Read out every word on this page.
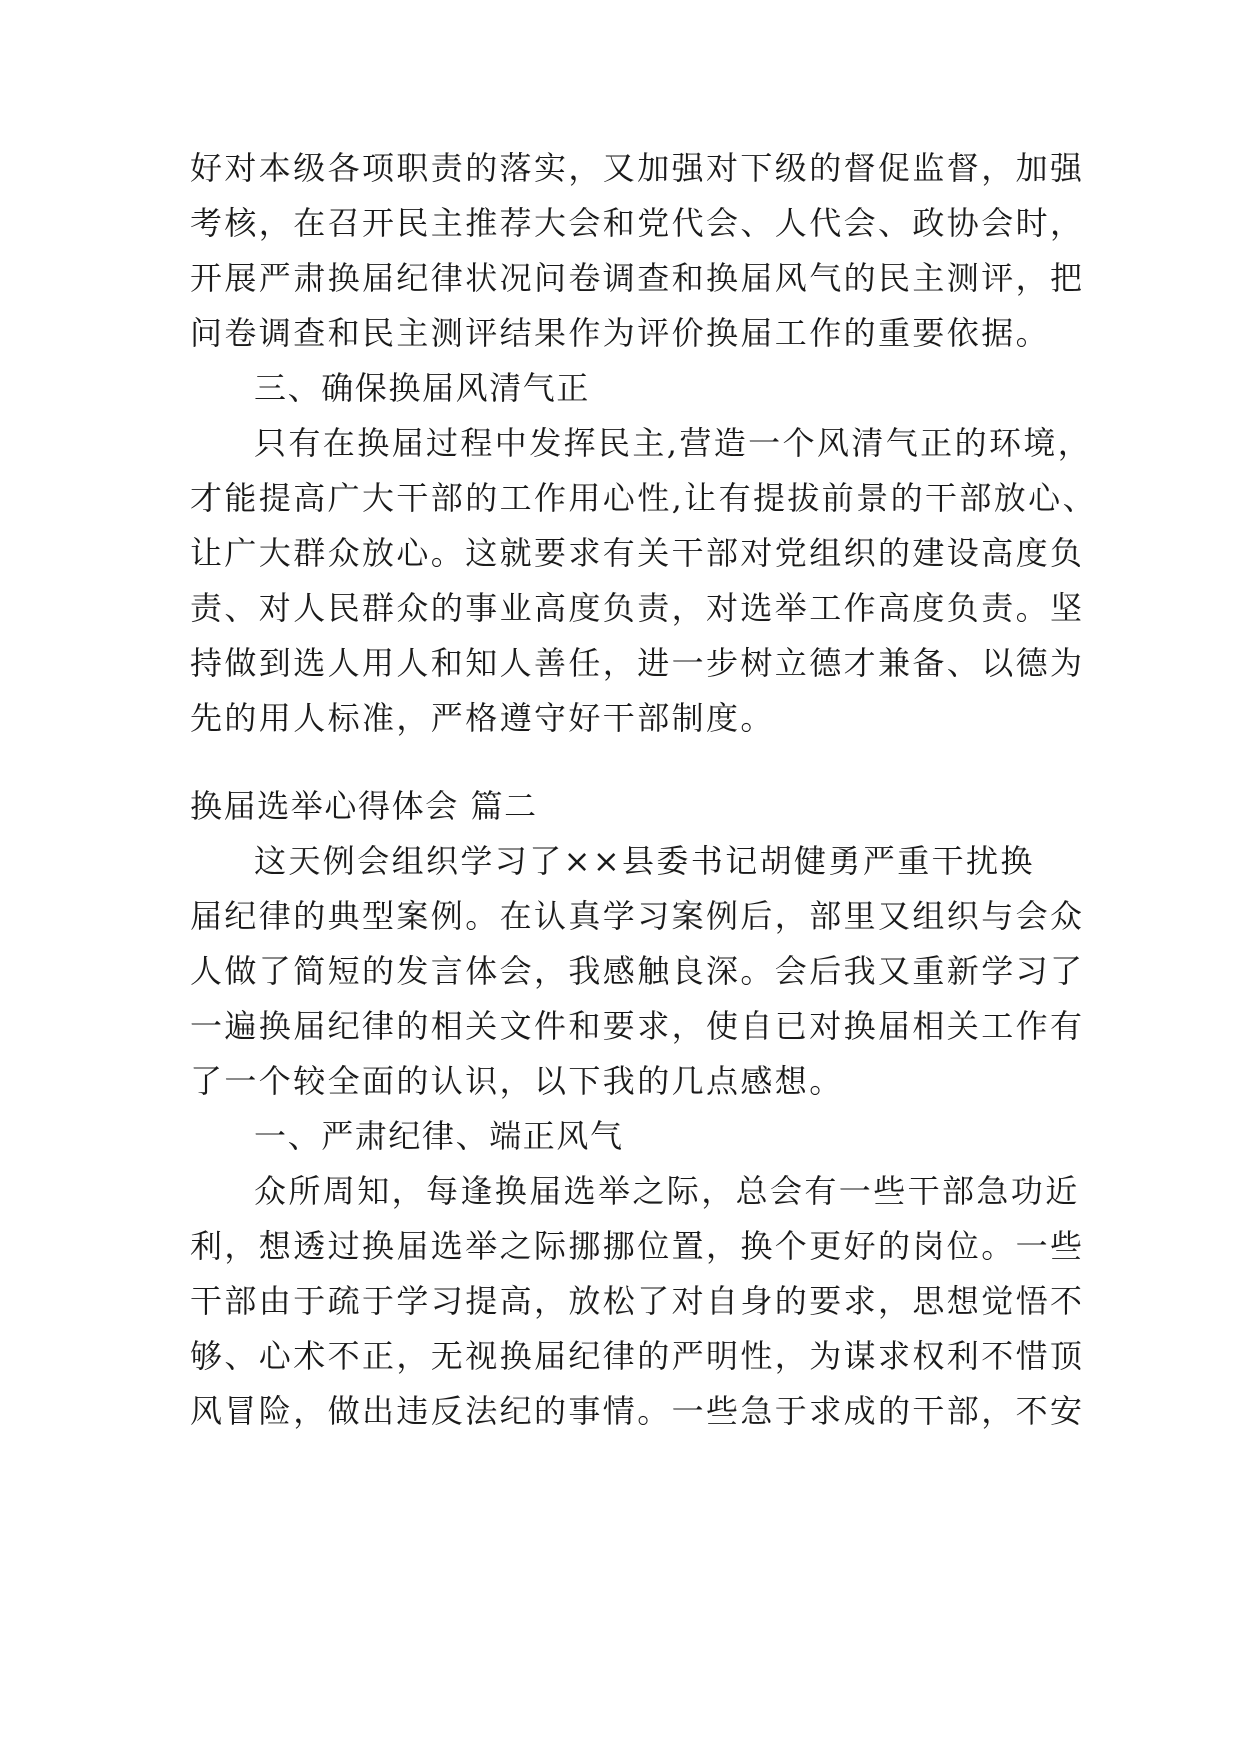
好对本级各项职责的落实，又加强对下级的督促监督，加强
考核，在召开民主推荐大会和党代会、人代会、政协会时，
开展严肃换届纪律状况问卷调查和换届风气的民主测评，把
问卷调查和民主测评结果作为评价换届工作的重要依据。
三、确保换届风清气正
只有在换届过程中发挥民主,营造一个风清气正的环境，
才能提高广大干部的工作用心性,让有提拔前景的干部放心、
让广大群众放心。这就要求有关干部对党组织的建设高度负
责、对人民群众的事业高度负责，对选举工作高度负责。坚
持做到选人用人和知人善任，进一步树立德才兼备、以德为
先的用人标准，严格遵守好干部制度。
换届选举心得体会 篇二
这天例会组织学习了××县委书记胡健勇严重干扰换
届纪律的典型案例。在认真学习案例后，部里又组织与会众
人做了简短的发言体会，我感触良深。会后我又重新学习了
一遍换届纪律的相关文件和要求，使自已对换届相关工作有
了一个较全面的认识，以下我的几点感想。
一、严肃纪律、端正风气
众所周知，每逢换届选举之际，总会有一些干部急功近
利，想透过换届选举之际挪挪位置，换个更好的岗位。一些
干部由于疏于学习提高，放松了对自身的要求，思想觉悟不
够、心术不正，无视换届纪律的严明性，为谋求权利不惜顶
风冒险，做出违反法纪的事情。一些急于求成的干部，不安
